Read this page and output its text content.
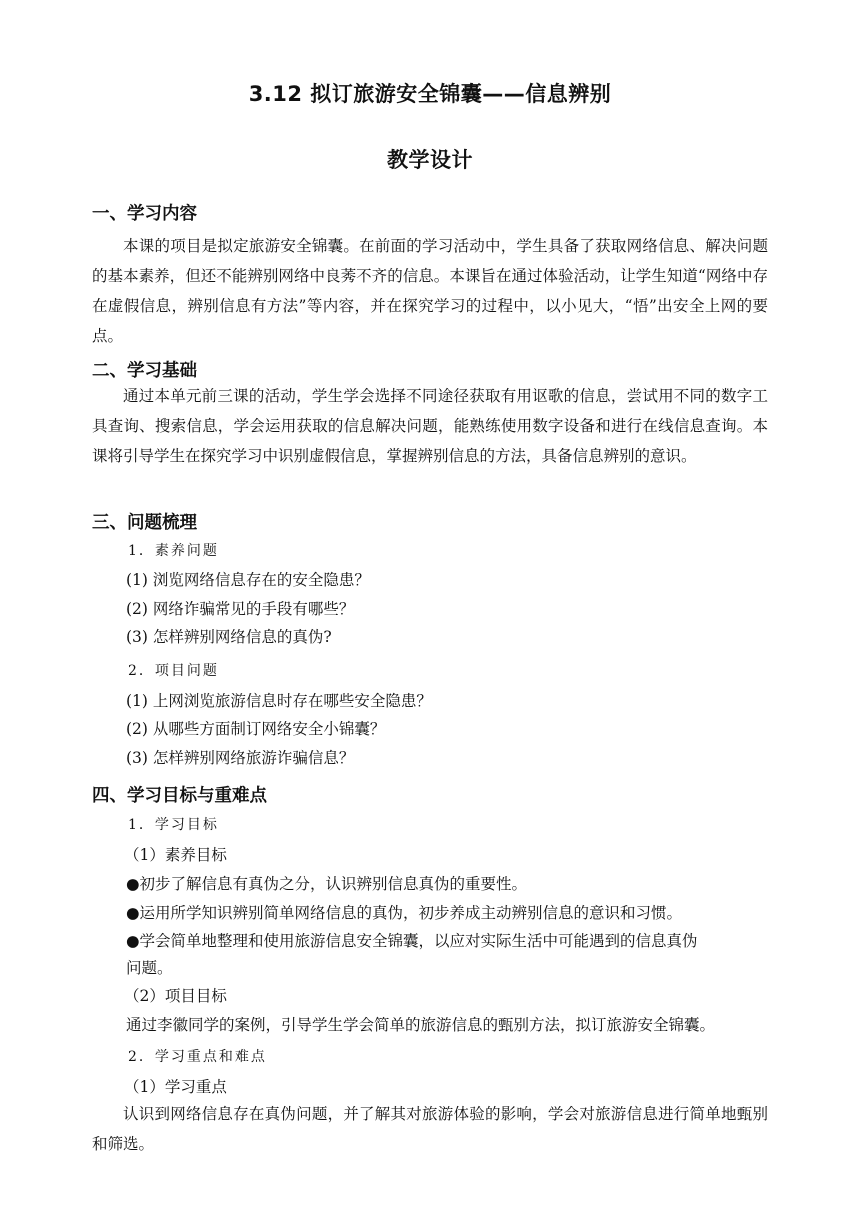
3.12 拟订旅游安全锦囊——信息辨别
教学设计
一、学习内容
本课的项目是拟定旅游安全锦囊。在前面的学习活动中，学生具备了获取网络信息、解决问题的基本素养，但还不能辨别网络中良莠不齐的信息。本课旨在通过体验活动，让学生知道“网络中存在虚假信息，辨别信息有方法”等内容，并在探究学习的过程中，以小见大，“悟”出安全上网的要点。
二、学习基础
通过本单元前三课的活动，学生学会选择不同途径获取有用讴歌的信息，尝试用不同的数字工具查询、搜索信息，学会运用获取的信息解决问题，能熟练使用数字设备和进行在线信息查询。本课将引导学生在探究学习中识别虚假信息，掌握辨别信息的方法，具备信息辨别的意识。
三、问题梳理
1．素养问题
(1) 浏览网络信息存在的安全隐患？
(2) 网络诈骗常见的手段有哪些？
(3) 怎样辨别网络信息的真伪?
2．项目问题
(1) 上网浏览旅游信息时存在哪些安全隐患？
(2) 从哪些方面制订网络安全小锦囊？
(3) 怎样辨别网络旅游诈骗信息？
四、学习目标与重难点
1．学习目标
（1）素养目标
●初步了解信息有真伪之分，认识辨别信息真伪的重要性。
●运用所学知识辨别简单网络信息的真伪，初步养成主动辨别信息的意识和习惯。
●学会简单地整理和使用旅游信息安全锦囊，以应对实际生活中可能遇到的信息真伪
问题。
（2）项目目标
通过李徽同学的案例，引导学生学会简单的旅游信息的甄别方法，拟订旅游安全锦囊。
2．学习重点和难点
（1）学习重点
认识到网络信息存在真伪问题，并了解其对旅游体验的影响，学会对旅游信息进行简单地甄别和筛选。
